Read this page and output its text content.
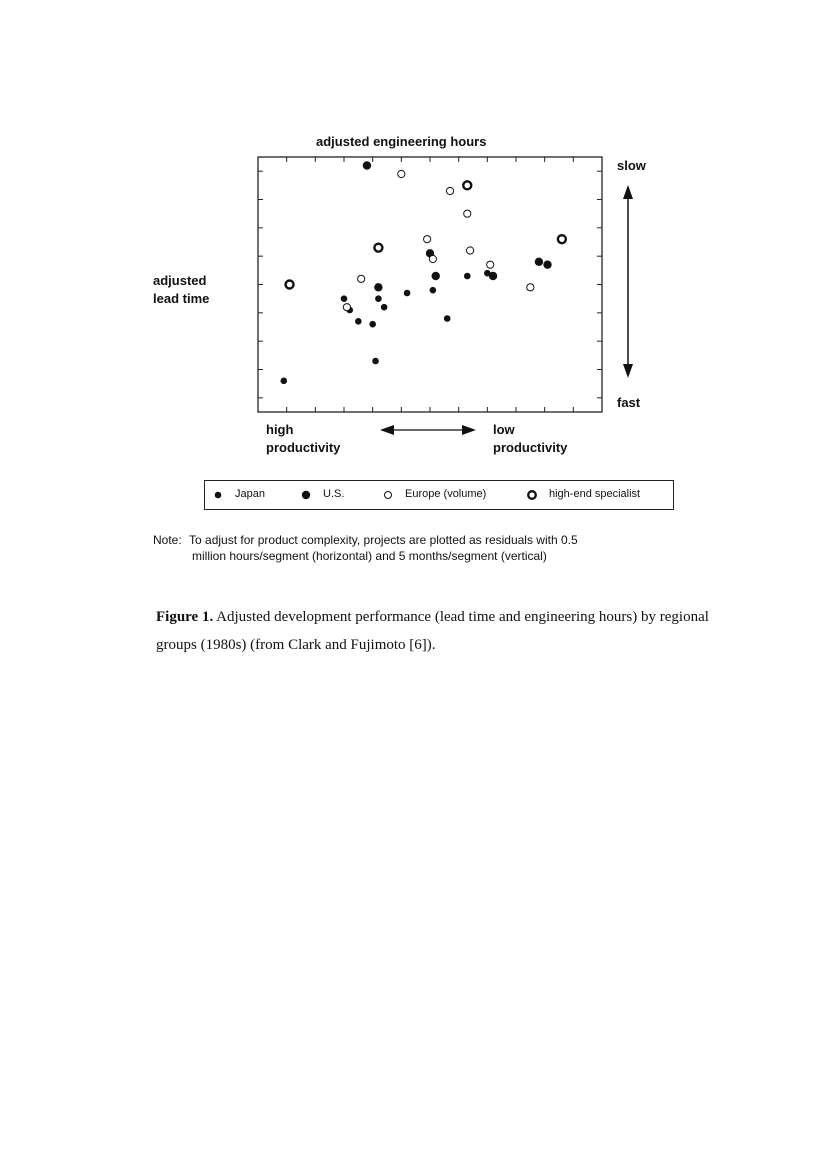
adjusted engineering hours
adjusted lead time
slow
fast
high productivity
low productivity
Japan	U.S.	Europe (volume)	high-end specialist
Note: To adjust for product complexity, projects are plotted as residuals with 0.5
million hours/segment (horizontal) and 5 months/segment (vertical)
Figure 1. Adjusted development performance (lead time and engineering hours) by regional groups (1980s) (from Clark and Fujimoto [6]).
